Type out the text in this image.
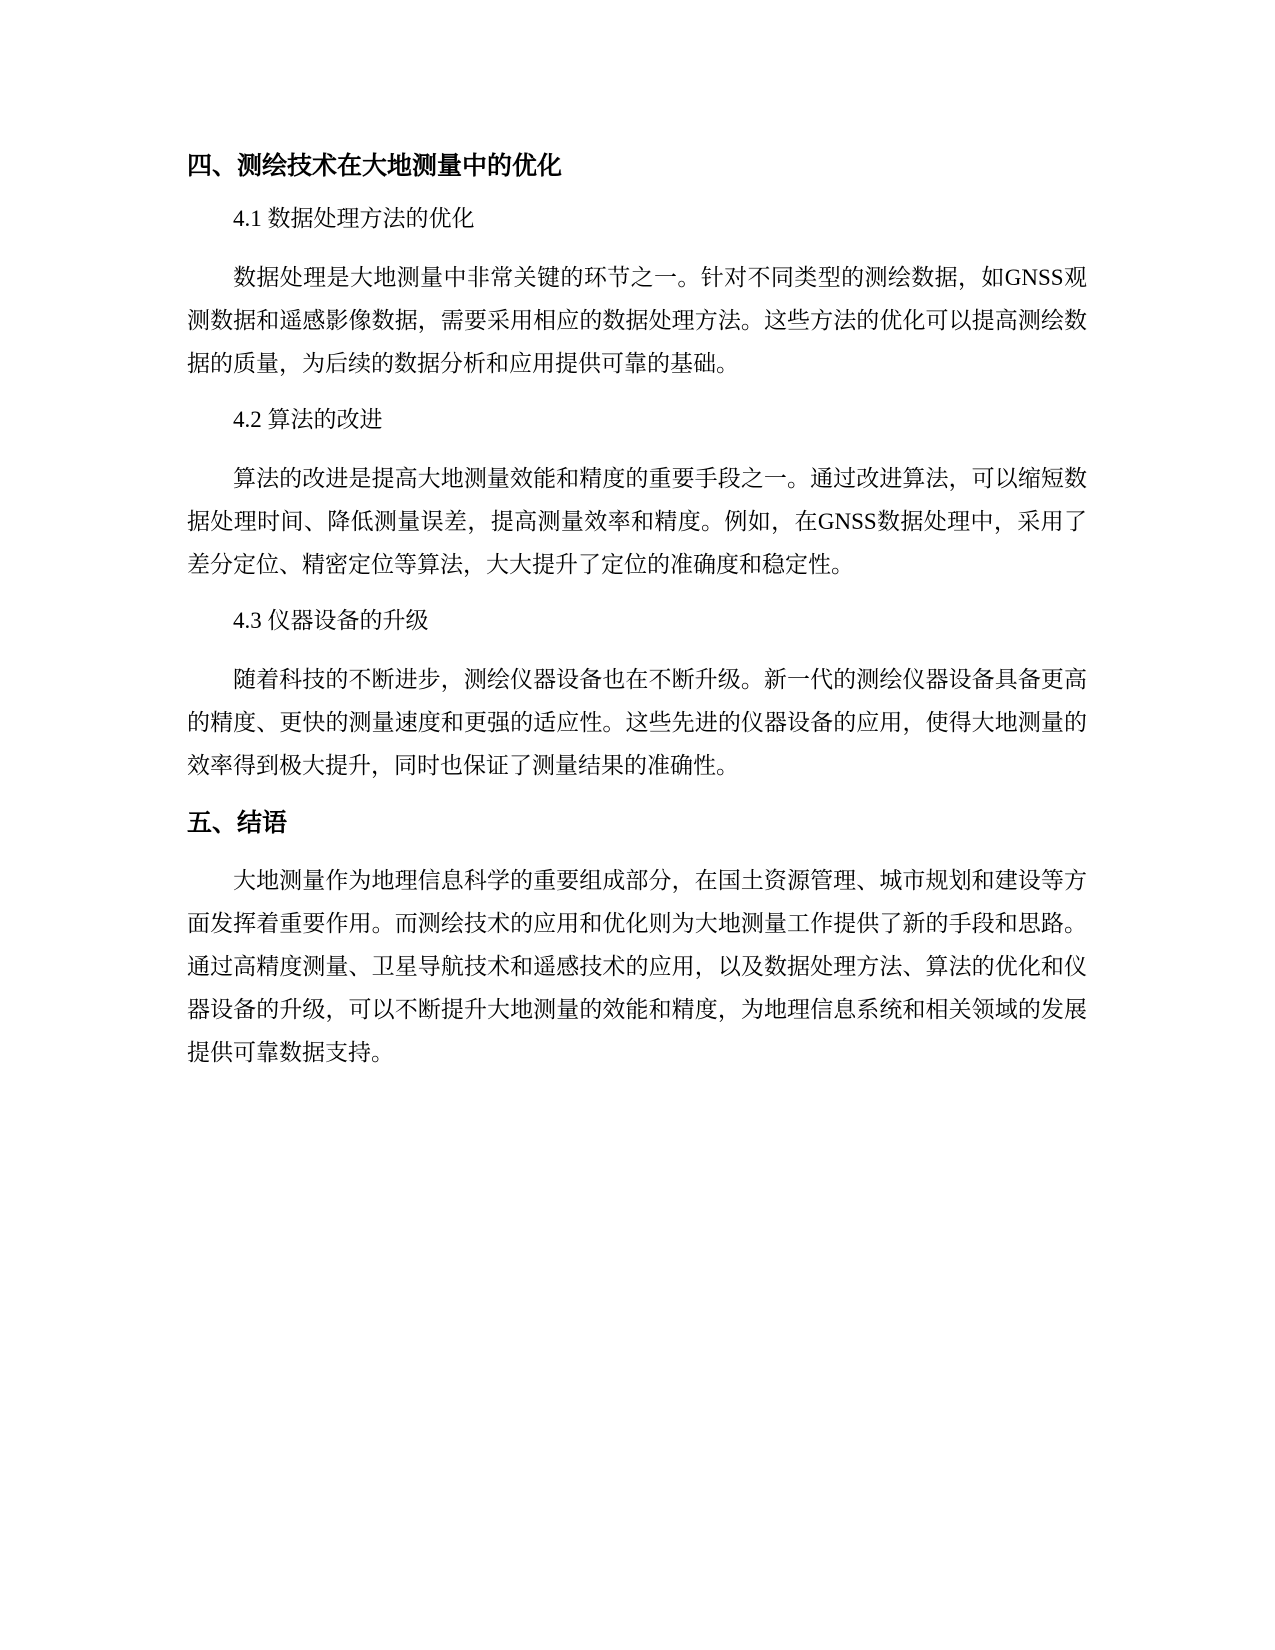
四、测绘技术在大地测量中的优化

4.1 数据处理方法的优化

数据处理是大地测量中非常关键的环节之一。针对不同类型的测绘数据，如GNSS观测数据和遥感影像数据，需要采用相应的数据处理方法。这些方法的优化可以提高测绘数据的质量，为后续的数据分析和应用提供可靠的基础。

4.2 算法的改进

算法的改进是提高大地测量效能和精度的重要手段之一。通过改进算法，可以缩短数据处理时间、降低测量误差，提高测量效率和精度。例如，在GNSS数据处理中，采用了差分定位、精密定位等算法，大大提升了定位的准确度和稳定性。

4.3 仪器设备的升级

随着科技的不断进步，测绘仪器设备也在不断升级。新一代的测绘仪器设备具备更高的精度、更快的测量速度和更强的适应性。这些先进的仪器设备的应用，使得大地测量的效率得到极大提升，同时也保证了测量结果的准确性。

五、结语

大地测量作为地理信息科学的重要组成部分，在国土资源管理、城市规划和建设等方面发挥着重要作用。而测绘技术的应用和优化则为大地测量工作提供了新的手段和思路。通过高精度测量、卫星导航技术和遥感技术的应用，以及数据处理方法、算法的优化和仪器设备的升级，可以不断提升大地测量的效能和精度，为地理信息系统和相关领域的发展提供可靠数据支持。
